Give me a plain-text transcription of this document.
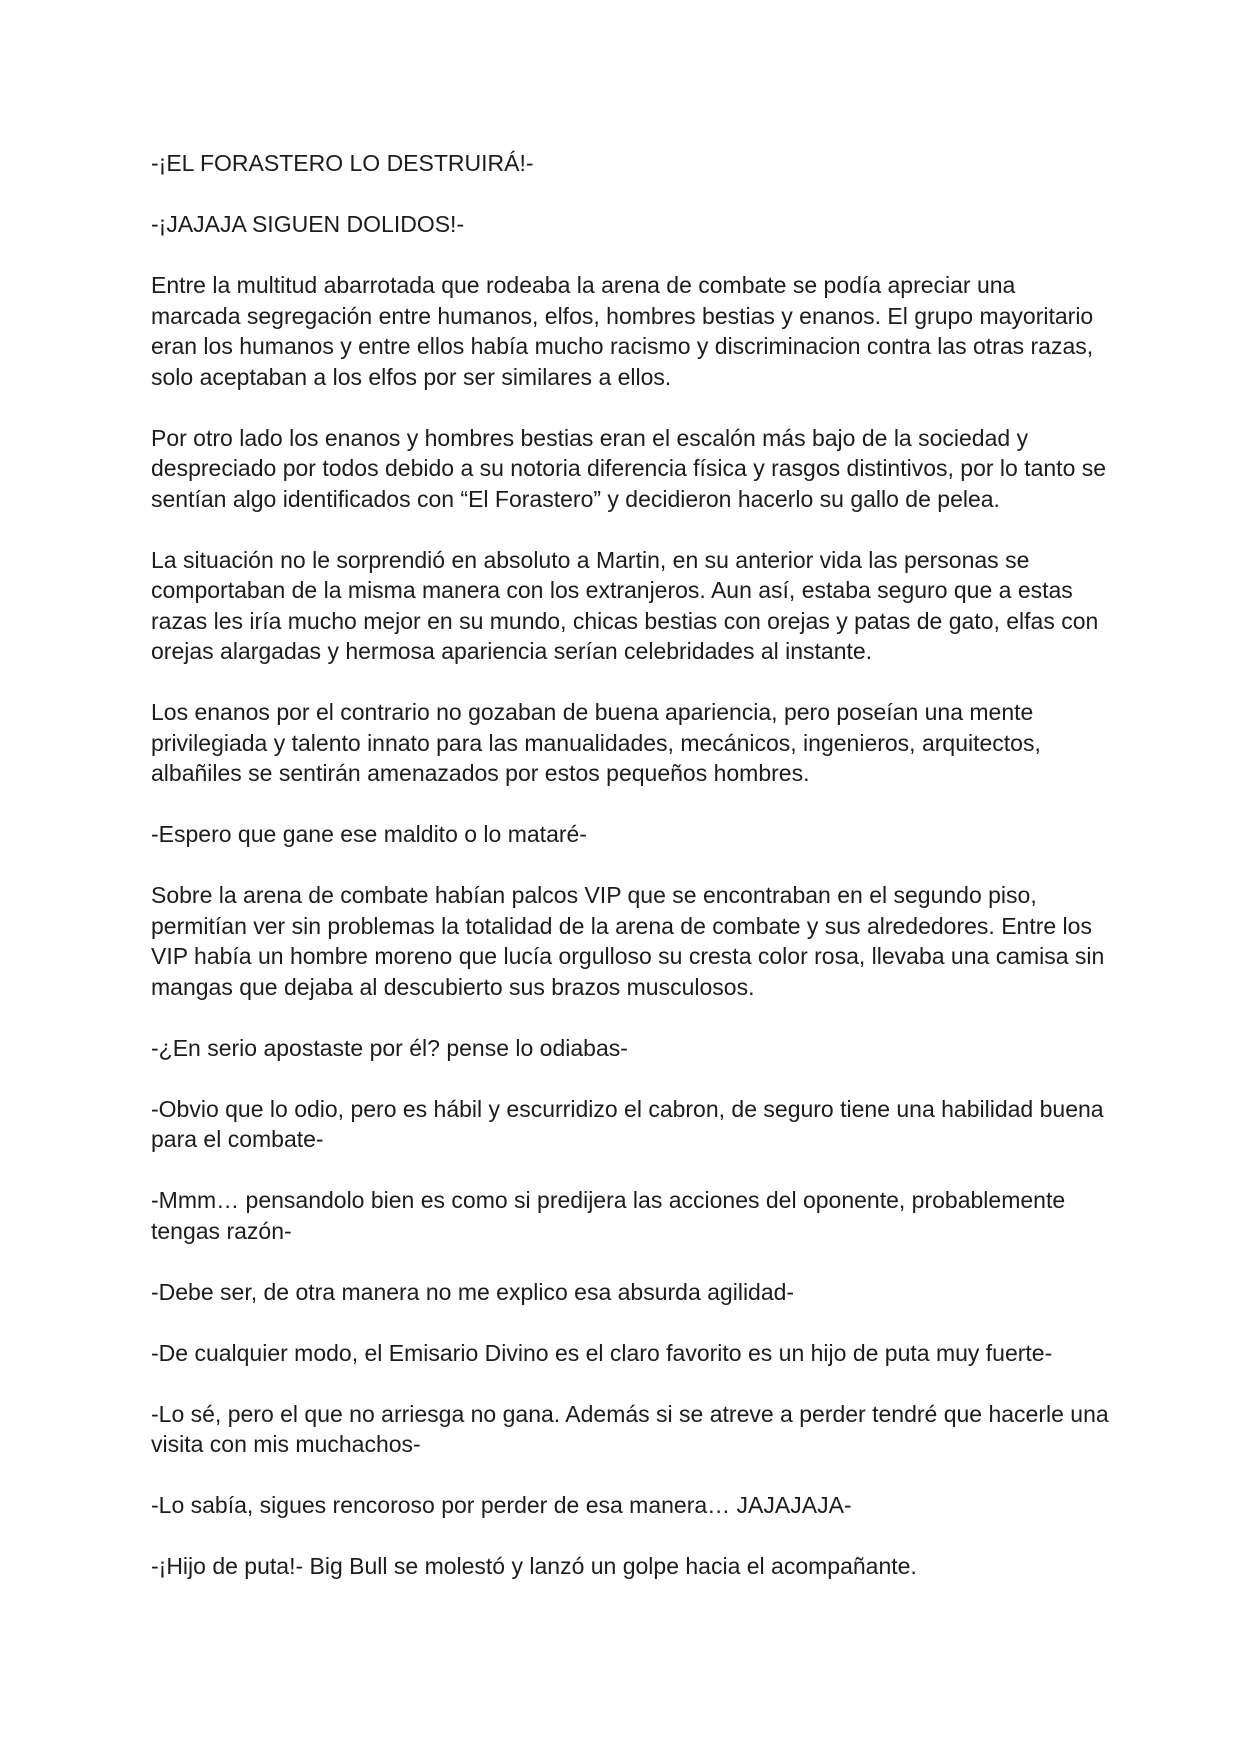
-¡EL FORASTERO LO DESTRUIRÁ!-

-¡JAJAJA SIGUEN DOLIDOS!-

Entre la multitud abarrotada que rodeaba la arena de combate se podía apreciar una marcada segregación entre humanos, elfos, hombres bestias y enanos. El grupo mayoritario eran los humanos y entre ellos había mucho racismo y discriminacion contra las otras razas, solo aceptaban a los elfos por ser similares a ellos.

Por otro lado los enanos y hombres bestias eran el escalón más bajo de la sociedad y despreciado por todos debido a su notoria diferencia física y rasgos distintivos, por lo tanto se sentían algo identificados con “El Forastero” y decidieron hacerlo su gallo de pelea.

La situación no le sorprendió en absoluto a Martin, en su anterior vida las personas se comportaban de la misma manera con los extranjeros. Aun así, estaba seguro que a estas razas les iría mucho mejor en su mundo, chicas bestias con orejas y patas de gato, elfas con orejas alargadas y hermosa apariencia serían celebridades al instante.

Los enanos por el contrario no gozaban de buena apariencia, pero poseían una mente privilegiada y talento innato para las manualidades, mecánicos, ingenieros, arquitectos, albañiles se sentirán amenazados por estos pequeños hombres.

-Espero que gane ese maldito o lo mataré-

Sobre la arena de combate habían palcos VIP que se encontraban en el segundo piso, permitían ver sin problemas la totalidad de la arena de combate y sus alrededores. Entre los VIP había un hombre moreno que lucía orgulloso su cresta color rosa, llevaba una camisa sin mangas que dejaba al descubierto sus brazos musculosos.

-¿En serio apostaste por él? pense lo odiabas-

-Obvio que lo odio, pero es hábil y escurridizo el cabron, de seguro tiene una habilidad buena para el combate-

-Mmm… pensandolo bien es como si predijera las acciones del oponente, probablemente tengas razón-

-Debe ser, de otra manera no me explico esa absurda agilidad-

-De cualquier modo, el Emisario Divino es el claro favorito es un hijo de puta muy fuerte-

-Lo sé, pero el que no arriesga no gana. Además si se atreve a perder tendré que hacerle una visita con mis muchachos-

-Lo sabía, sigues rencoroso por perder de esa manera… JAJAJAJA-

-¡Hijo de puta!- Big Bull se molestó y lanzó un golpe hacia el acompañante.
